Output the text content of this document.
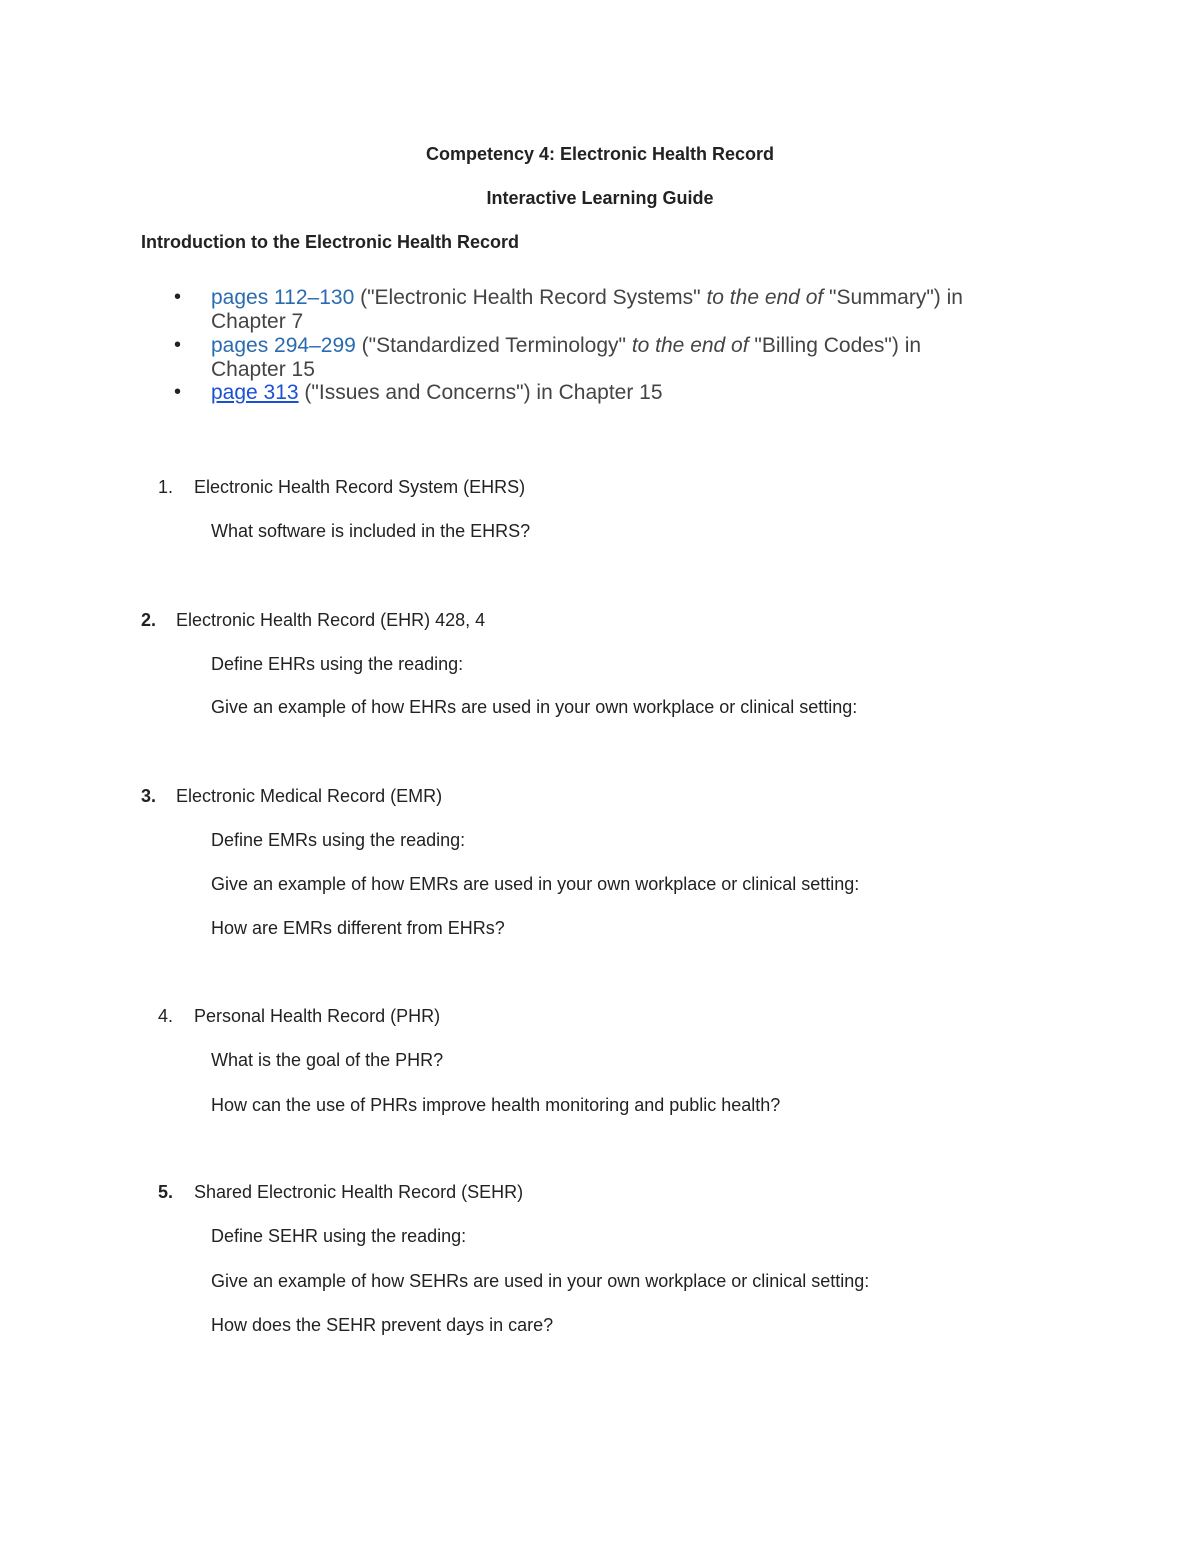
Competency 4: Electronic Health Record
Interactive Learning Guide
Introduction to the Electronic Health Record
• pages 112–130 ("Electronic Health Record Systems" to the end of "Summary") in
Chapter 7
• pages 294–299 ("Standardized Terminology" to the end of "Billing Codes") in
Chapter 15
• page 313 ("Issues and Concerns") in Chapter 15
1. Electronic Health Record System (EHRS)
What software is included in the EHRS?
2. Electronic Health Record (EHR) 428, 4
Define EHRs using the reading:
Give an example of how EHRs are used in your own workplace or clinical setting:
3. Electronic Medical Record (EMR)
Define EMRs using the reading:
Give an example of how EMRs are used in your own workplace or clinical setting:
How are EMRs different from EHRs?
4. Personal Health Record (PHR)
What is the goal of the PHR?
How can the use of PHRs improve health monitoring and public health?
5. Shared Electronic Health Record (SEHR)
Define SEHR using the reading:
Give an example of how SEHRs are used in your own workplace or clinical setting:
How does the SEHR prevent days in care?
